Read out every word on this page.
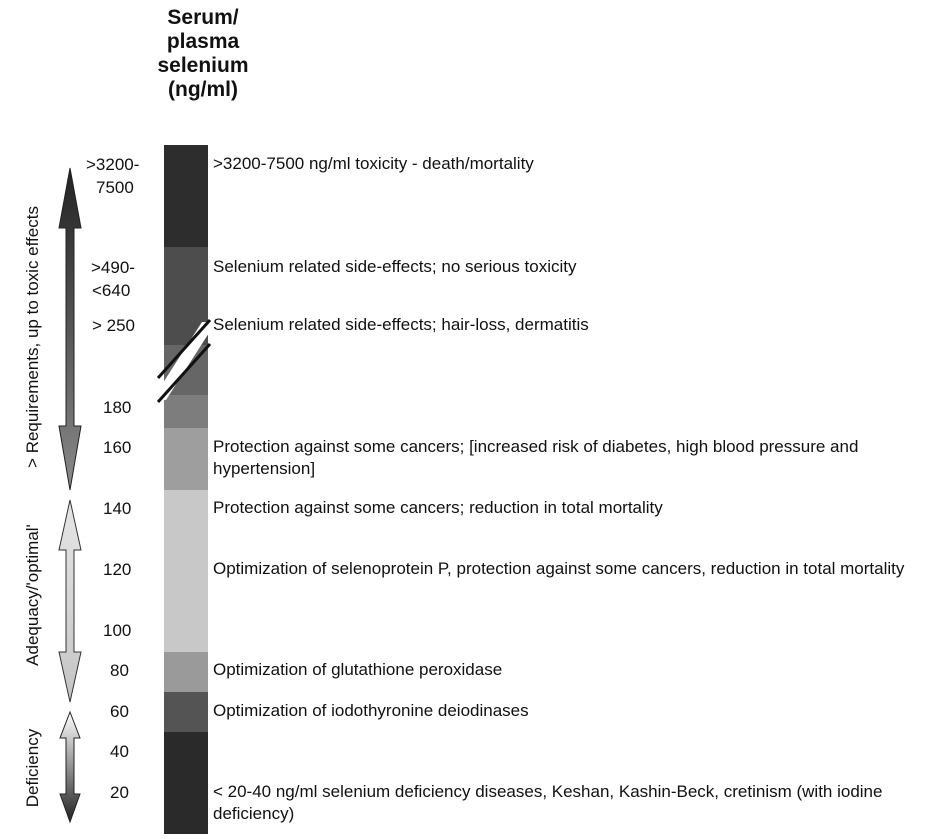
Serum/
plasma
selenium
(ng/ml)
>3200-
7500
>490-
<640
> 250
180
160
140
120
100
80
60
40
20
>3200-7500 ng/ml toxicity - death/mortality
Selenium related side-effects; no serious toxicity
Selenium related side-effects; hair-loss, dermatitis
Protection against some cancers; [increased risk of diabetes, high blood pressure and hypertension]
Protection against some cancers; reduction in total mortality
Optimization of selenoprotein P, protection against some cancers, reduction in total mortality
Optimization of glutathione peroxidase
Optimization of iodothyronine deiodinases
< 20-40 ng/ml selenium deficiency diseases, Keshan, Kashin-Beck, cretinism (with iodine deficiency)
> Requirements, up to toxic effects
Adequacy/'optimal'
Deficiency
